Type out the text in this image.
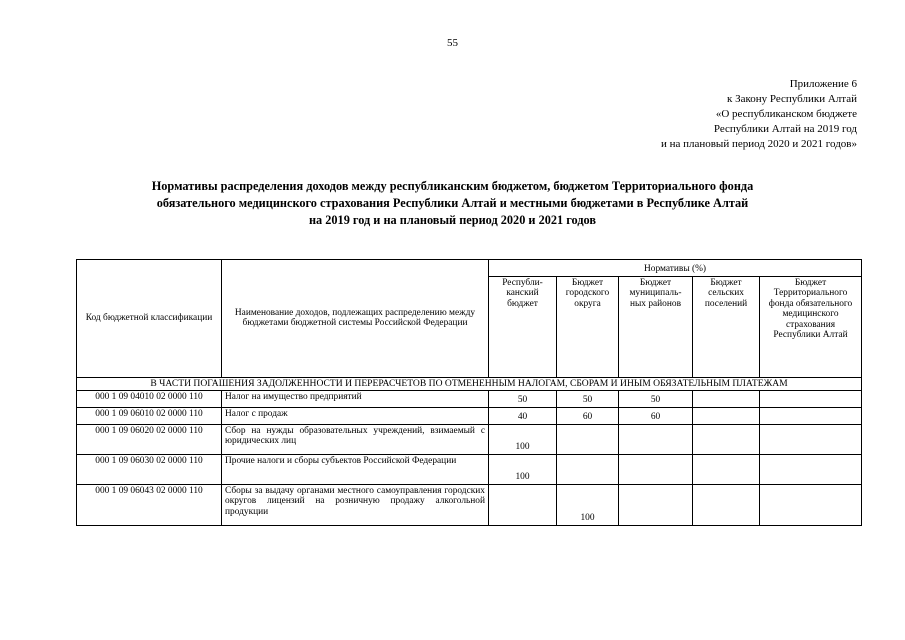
55
Приложение 6
к Закону Республики Алтай
«О республиканском бюджете
Республики Алтай на 2019 год
и на плановый период 2020 и 2021 годов»
Нормативы распределения доходов между республиканским бюджетом, бюджетом Территориального фонда
обязательного медицинского страхования Республики Алтай и местными бюджетами в Республике Алтай
на 2019 год и на плановый период 2020 и 2021 годов
Код бюджетной классификации	Наименование доходов, подлежащих распределению между бюджетами бюджетной системы Российской Федерации	Нормативы (%)				
		Республи-канский бюджет	Бюджет городского округа	Бюджет муниципаль-ных районов	Бюджет сельских поселений	Бюджет Территориального фонда обязательного медицинского страхования Республики Алтай
В ЧАСТИ ПОГАШЕНИЯ ЗАДОЛЖЕННОСТИ И ПЕРЕРАСЧЕТОВ ПО ОТМЕНЕННЫМ НАЛОГАМ, СБОРАМ И ИНЫМ ОБЯЗАТЕЛЬНЫМ ПЛАТЕЖАМ						
000 1 09 04010 02 0000 110	Налог на имущество предприятий	50	50	50		
000 1 09 06010 02 0000 110	Налог с продаж	40	60	60		
000 1 09 06020 02 0000 110	Сбор на нужды образовательных учреждений, взимаемый с юридических лиц	100				
000 1 09 06030 02 0000 110	Прочие налоги и сборы субъектов Российской Федерации	100				
000 1 09 06043 02 0000 110	Сборы за выдачу органами местного самоуправления городских округов лицензий на розничную продажу алкогольной продукции		100			
